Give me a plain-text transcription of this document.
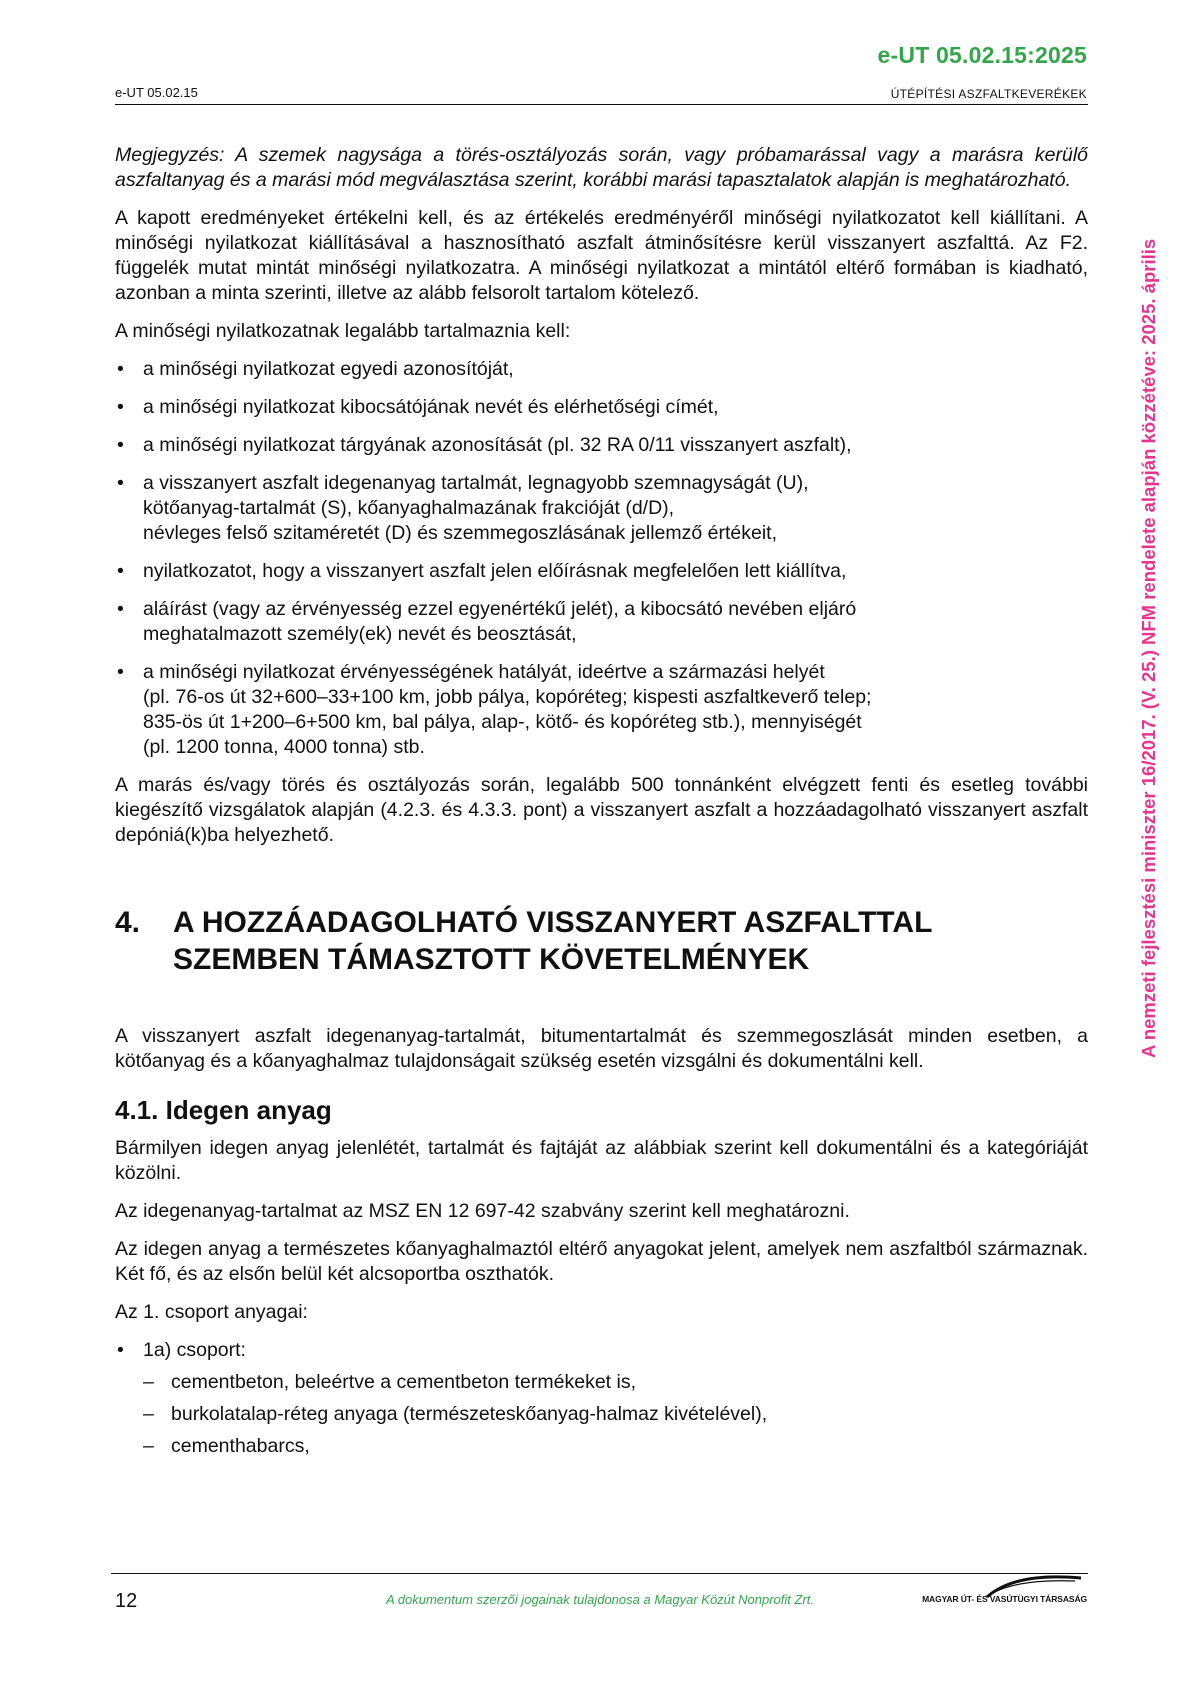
e-UT 05.02.15:2025
e-UT 05.02.15	ÚTÉPÍTÉSI ASZFALTKEVERÉKEK
A nemzeti fejlesztési miniszter 16/2017. (V. 25.) NFM rendelete alapján közzétéve: 2025. április

Megjegyzés: A szemek nagysága a törés-osztályozás során, vagy próbamarással vagy a marásra kerülő aszfaltanyag és a marási mód megválasztása szerint, korábbi marási tapasztalatok alapján is meghatározható.

A kapott eredményeket értékelni kell, és az értékelés eredményéről minőségi nyilatkozatot kell kiállítani. A minőségi nyilatkozat kiállításával a hasznosítható aszfalt átminősítésre kerül visszanyert aszfalttá. Az F2. függelék mutat mintát minőségi nyilatkozatra. A minőségi nyilatkozat a mintától eltérő formában is kiadható, azonban a minta szerinti, illetve az alább felsorolt tartalom kötelező.

A minőségi nyilatkozatnak legalább tartalmaznia kell:

• a minőségi nyilatkozat egyedi azonosítóját,
• a minőségi nyilatkozat kibocsátójának nevét és elérhetőségi címét,
• a minőségi nyilatkozat tárgyának azonosítását (pl. 32 RA 0/11 visszanyert aszfalt),
• a visszanyert aszfalt idegenanyag tartalmát, legnagyobb szemnagyságát (U),
kötőanyag-tartalmát (S), kőanyaghalmazának frakcióját (d/D),
névleges felső szitaméretét (D) és szemmegoszlásának jellemző értékeit,
• nyilatkozatot, hogy a visszanyert aszfalt jelen előírásnak megfelelően lett kiállítva,
• aláírást (vagy az érvényesség ezzel egyenértékű jelét), a kibocsátó nevében eljáró
meghatalmazott személy(ek) nevét és beosztását,
• a minőségi nyilatkozat érvényességének hatályát, ideértve a származási helyét
(pl. 76-os út 32+600–33+100 km, jobb pálya, kopóréteg; kispesti aszfaltkeverő telep;
835-ös út 1+200–6+500 km, bal pálya, alap-, kötő- és kopóréteg stb.), mennyiségét
(pl. 1200 tonna, 4000 tonna) stb.

A marás és/vagy törés és osztályozás során, legalább 500 tonnánként elvégzett fenti és esetleg további kiegészítő vizsgálatok alapján (4.2.3. és 4.3.3. pont) a visszanyert aszfalt a hozzáadagolható visszanyert aszfalt depóniá(k)ba helyezhető.

4.	A HOZZÁADAGOLHATÓ VISSZANYERT ASZFALTTAL
SZEMBEN TÁMASZTOTT KÖVETELMÉNYEK

A visszanyert aszfalt idegenanyag-tartalmát, bitumentartalmát és szemmegoszlását minden esetben, a kötőanyag és a kőanyaghalmaz tulajdonságait szükség esetén vizsgálni és dokumentálni kell.

4.1. Idegen anyag

Bármilyen idegen anyag jelenlétét, tartalmát és fajtáját az alábbiak szerint kell dokumentálni és a kategóriáját közölni.

Az idegenanyag-tartalmat az MSZ EN 12 697-42 szabvány szerint kell meghatározni.

Az idegen anyag a természetes kőanyaghalmaztól eltérő anyagokat jelent, amelyek nem aszfaltból származnak. Két fő, és az elsőn belül két alcsoportba oszthatók.

Az 1. csoport anyagai:

• 1a) csoport:
– cementbeton, beleértve a cementbeton termékeket is,
– burkolatalap-réteg anyaga (természeteskőanyag-halmaz kivételével),
– cementhabarcs,
12	A dokumentum szerzői jogainak tulajdonosa a Magyar Közút Nonprofit Zrt.	MAGYAR ÚT- ÉS VASÚTÜGYI TÁRSASÁG
